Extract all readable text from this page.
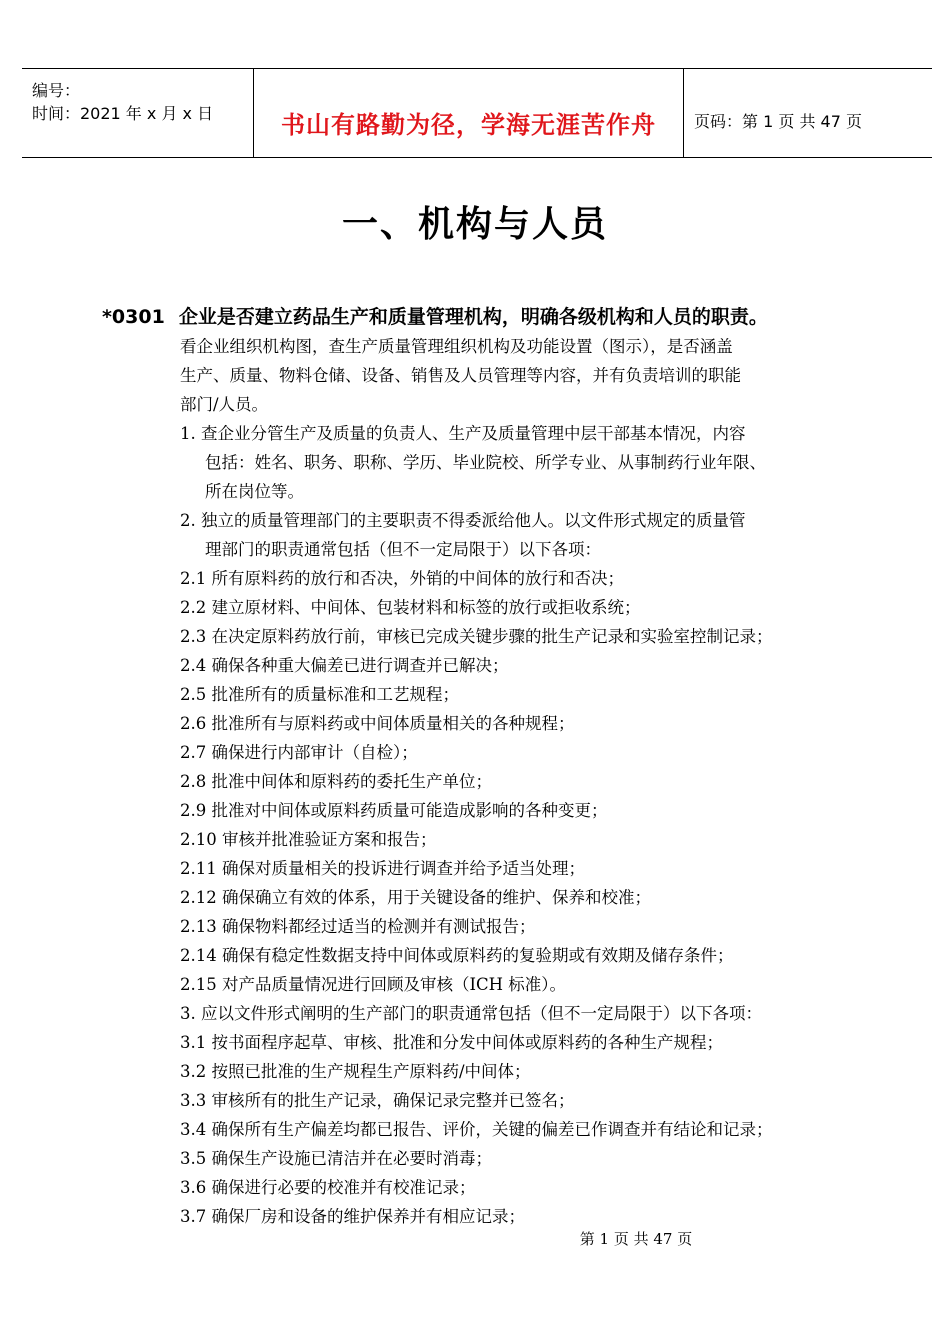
编号：
时间：2021 年 x 月 x 日	书山有路勤为径，学海无涯苦作舟	页码：第 1 页 共 47 页
一、机构与人员
*0301 企业是否建立药品生产和质量管理机构，明确各级机构和人员的职责。
看企业组织机构图，查生产质量管理组织机构及功能设置（图示），是否涵盖
生产、质量、物料仓储、设备、销售及人员管理等内容，并有负责培训的职能
部门/人员。
1. 查企业分管生产及质量的负责人、生产及质量管理中层干部基本情况，内容
包括：姓名、职务、职称、学历、毕业院校、所学专业、从事制药行业年限、
所在岗位等。
2. 独立的质量管理部门的主要职责不得委派给他人。以文件形式规定的质量管
理部门的职责通常包括（但不一定局限于）以下各项：
2.1 所有原料药的放行和否决，外销的中间体的放行和否决；
2.2 建立原材料、中间体、包装材料和标签的放行或拒收系统；
2.3 在决定原料药放行前，审核已完成关键步骤的批生产记录和实验室控制记录；
2.4 确保各种重大偏差已进行调查并已解决；
2.5 批准所有的质量标准和工艺规程；
2.6 批准所有与原料药或中间体质量相关的各种规程；
2.7 确保进行内部审计（自检）；
2.8 批准中间体和原料药的委托生产单位；
2.9 批准对中间体或原料药质量可能造成影响的各种变更；
2.10 审核并批准验证方案和报告；
2.11 确保对质量相关的投诉进行调查并给予适当处理；
2.12 确保确立有效的体系，用于关键设备的维护、保养和校准；
2.13 确保物料都经过适当的检测并有测试报告；
2.14 确保有稳定性数据支持中间体或原料药的复验期或有效期及储存条件；
2.15 对产品质量情况进行回顾及审核（ICH 标准）。
3. 应以文件形式阐明的生产部门的职责通常包括（但不一定局限于）以下各项：
3.1 按书面程序起草、审核、批准和分发中间体或原料药的各种生产规程；
3.2 按照已批准的生产规程生产原料药/中间体；
3.3 审核所有的批生产记录，确保记录完整并已签名；
3.4 确保所有生产偏差均都已报告、评价，关键的偏差已作调查并有结论和记录；
3.5 确保生产设施已清洁并在必要时消毒；
3.6 确保进行必要的校准并有校准记录；
3.7 确保厂房和设备的维护保养并有相应记录；
第 1 页 共 47 页
